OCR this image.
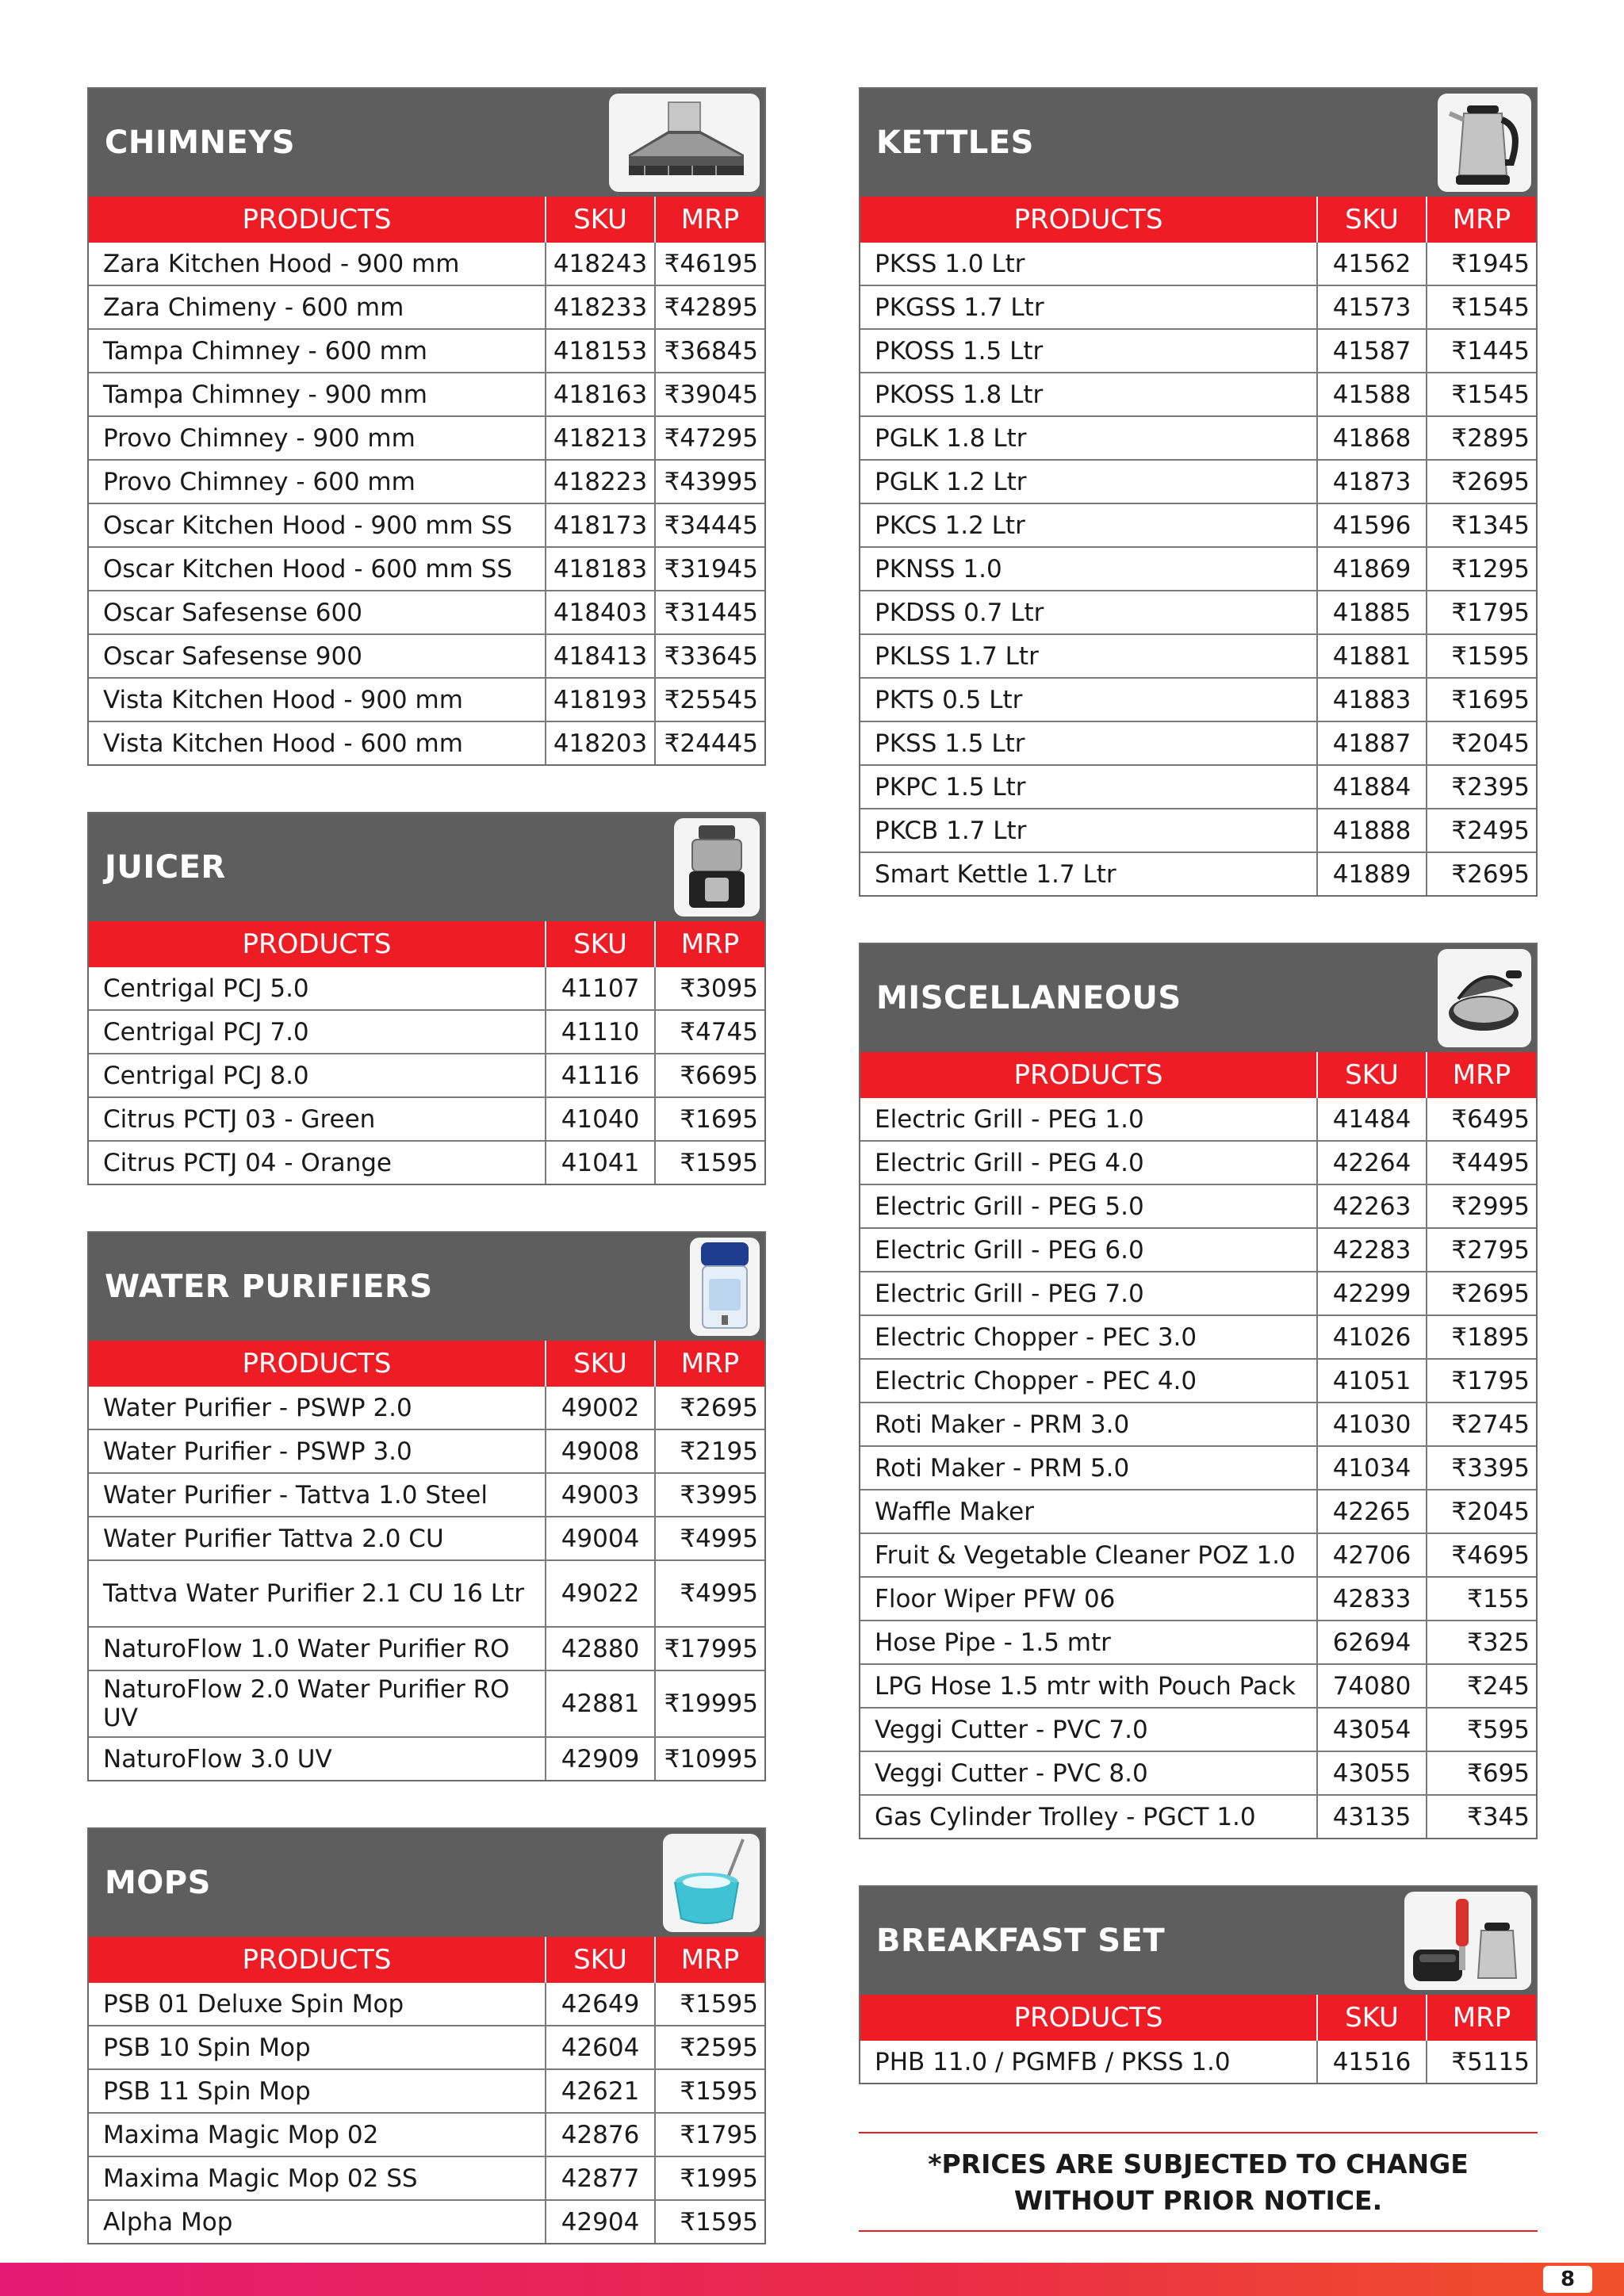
CHIMNEYS
PRODUCTS	SKU	MRP
Zara Kitchen Hood - 900 mm	418243	₹46195
Zara Chimeny - 600 mm	418233	₹42895
Tampa Chimney - 600 mm	418153	₹36845
Tampa Chimney - 900 mm	418163	₹39045
Provo Chimney - 900 mm	418213	₹47295
Provo Chimney - 600 mm	418223	₹43995
Oscar Kitchen Hood - 900 mm SS	418173	₹34445
Oscar Kitchen Hood - 600 mm SS	418183	₹31945
Oscar Safesense 600	418403	₹31445
Oscar Safesense 900	418413	₹33645
Vista Kitchen Hood - 900 mm	418193	₹25545
Vista Kitchen Hood - 600 mm	418203	₹24445
JUICER
PRODUCTS	SKU	MRP
Centrigal PCJ 5.0	41107	₹3095
Centrigal PCJ 7.0	41110	₹4745
Centrigal PCJ 8.0	41116	₹6695
Citrus PCTJ 03 - Green	41040	₹1695
Citrus PCTJ 04 - Orange	41041	₹1595
WATER PURIFIERS
PRODUCTS	SKU	MRP
Water Purifier - PSWP 2.0	49002	₹2695
Water Purifier - PSWP 3.0	49008	₹2195
Water Purifier - Tattva 1.0 Steel	49003	₹3995
Water Purifier Tattva 2.0 CU	49004	₹4995
Tattva Water Purifier 2.1 CU 16 Ltr	49022	₹4995
NaturoFlow 1.0 Water Purifier RO	42880	₹17995
NaturoFlow 2.0 Water Purifier RO UV	42881	₹19995
NaturoFlow 3.0 UV	42909	₹10995
MOPS
PRODUCTS	SKU	MRP
PSB 01 Deluxe Spin Mop	42649	₹1595
PSB 10 Spin Mop	42604	₹2595
PSB 11 Spin Mop	42621	₹1595
Maxima Magic Mop 02	42876	₹1795
Maxima Magic Mop 02 SS	42877	₹1995
Alpha Mop	42904	₹1595
KETTLES
PRODUCTS	SKU	MRP
PKSS 1.0 Ltr	41562	₹1945
PKGSS 1.7 Ltr	41573	₹1545
PKOSS 1.5 Ltr	41587	₹1445
PKOSS 1.8 Ltr	41588	₹1545
PGLK 1.8 Ltr	41868	₹2895
PGLK 1.2 Ltr	41873	₹2695
PKCS 1.2 Ltr	41596	₹1345
PKNSS 1.0	41869	₹1295
PKDSS 0.7 Ltr	41885	₹1795
PKLSS 1.7 Ltr	41881	₹1595
PKTS 0.5 Ltr	41883	₹1695
PKSS 1.5 Ltr	41887	₹2045
PKPC 1.5 Ltr	41884	₹2395
PKCB 1.7 Ltr	41888	₹2495
Smart Kettle 1.7 Ltr	41889	₹2695
MISCELLANEOUS
PRODUCTS	SKU	MRP
Electric Grill - PEG 1.0	41484	₹6495
Electric Grill - PEG 4.0	42264	₹4495
Electric Grill - PEG 5.0	42263	₹2995
Electric Grill - PEG 6.0	42283	₹2795
Electric Grill - PEG 7.0	42299	₹2695
Electric Chopper - PEC 3.0	41026	₹1895
Electric Chopper - PEC 4.0	41051	₹1795
Roti Maker - PRM 3.0	41030	₹2745
Roti Maker - PRM 5.0	41034	₹3395
Waffle Maker	42265	₹2045
Fruit & Vegetable Cleaner POZ 1.0	42706	₹4695
Floor Wiper PFW 06	42833	₹155
Hose Pipe - 1.5 mtr	62694	₹325
LPG Hose 1.5 mtr with Pouch Pack	74080	₹245
Veggi Cutter - PVC 7.0	43054	₹595
Veggi Cutter - PVC 8.0	43055	₹695
Gas Cylinder Trolley - PGCT 1.0	43135	₹345
BREAKFAST SET
PRODUCTS	SKU	MRP
PHB 11.0 / PGMFB / PKSS 1.0	41516	₹5115
*PRICES ARE SUBJECTED TO CHANGE WITHOUT PRIOR NOTICE.
8
